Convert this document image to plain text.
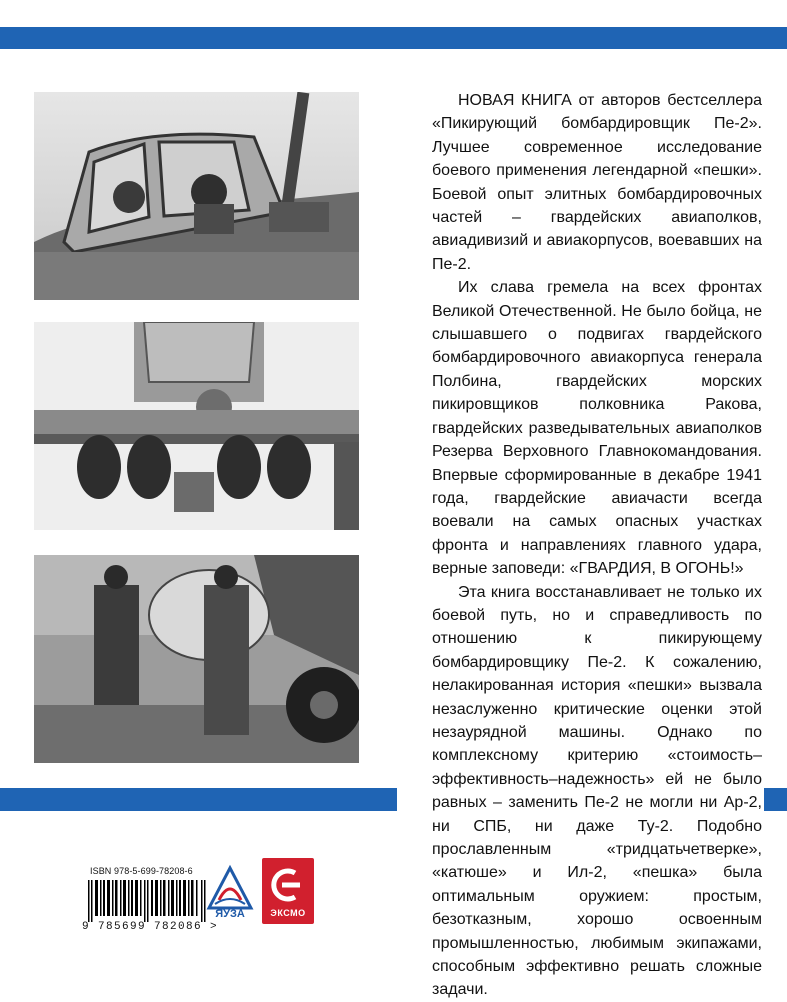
НОВАЯ КНИГА от авторов бестселлера «Пикирующий бомбардировщик Пе-2». Лучшее современное исследование боевого применения легендарной «пешки». Боевой опыт элитных бомбардировочных частей – гвардейских авиаполков, авиадивизий и авиакорпусов, воевавших на Пе-2.

Их слава гремела на всех фронтах Великой Отечественной. Не было бойца, не слышавшего о подвигах гвардейского бомбардировочного авиакорпуса генерала Полбина, гвардейских морских пикировщиков полковника Ракова, гвардейских разведывательных авиаполков Резерва Верховного Главнокомандования. Впервые сформированные в декабре 1941 года, гвардейские авиачасти всегда воевали на самых опасных участках фронта и направлениях главного удара, верные заповеди: «ГВАРДИЯ, В ОГОНЬ!»

Эта книга восстанавливает не только их боевой путь, но и справедливость по отношению к пикирующему бомбардировщику Пе-2. К сожалению, нелакированная история «пешки» вызвала незаслуженно критические оценки этой незаурядной машины. Однако по комплексному критерию «стоимость–эффективность–надежность» ей не было равных – заменить Пе-2 не могли ни Ар-2, ни СПБ, ни даже Ту-2. Подобно прославленным «тридцатьчетверке», «катюше» и Ил-2, «пешка» была оптимальным оружием: простым, безотказным, хорошо освоенным промышленностью, любимым экипажами, способным эффективно решать сложные задачи.

ISBN 978-5-699-78208-6
9 785699 782086 >
ЯУЗА	ЭКСМО
